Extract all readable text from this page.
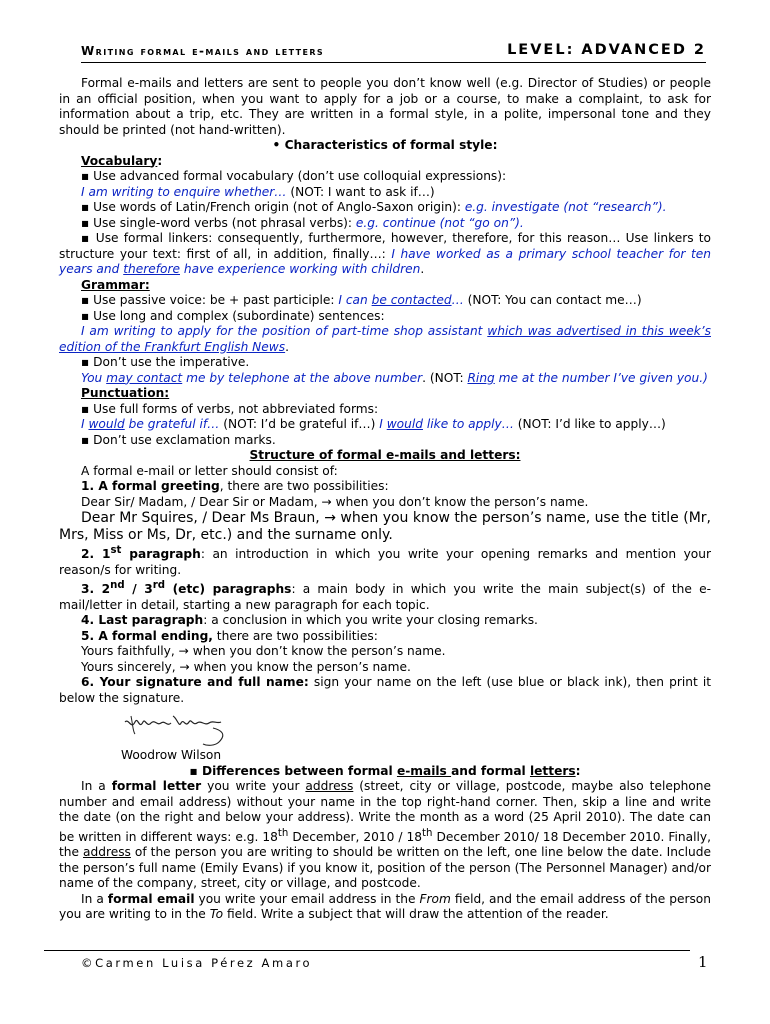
Writing formal e-mails and letters	LEVEL: ADVANCED 2

Formal e-mails and letters are sent to people you don’t know well (e.g. Director of Studies) or people in an official position, when you want to apply for a job or a course, to make a complaint, to ask for information about a trip, etc. They are written in a formal style, in a polite, impersonal tone and they should be printed (not hand-written).

• Characteristics of formal style:

Vocabulary:

▪ Use advanced formal vocabulary (don’t use colloquial expressions):

I am writing to enquire whether… (NOT: I want to ask if…)

▪ Use words of Latin/French origin (not of Anglo-Saxon origin): e.g. investigate (not “research”).

▪ Use single-word verbs (not phrasal verbs): e.g. continue (not “go on”).

▪ Use formal linkers: consequently, furthermore, however, therefore, for this reason… Use linkers to structure your text: first of all, in addition, finally…: I have worked as a primary school teacher for ten years and therefore have experience working with children.

Grammar:

▪ Use passive voice: be + past participle: I can be contacted… (NOT: You can contact me…)

▪ Use long and complex (subordinate) sentences:

I am writing to apply for the position of part-time shop assistant which was advertised in this week’s edition of the Frankfurt English News.

▪ Don’t use the imperative.

You may contact me by telephone at the above number. (NOT: Ring me at the number I’ve given you.)

Punctuation:

▪ Use full forms of verbs, not abbreviated forms:

I would be grateful if… (NOT: I’d be grateful if…) I would like to apply… (NOT: I’d like to apply…)

▪ Don’t use exclamation marks.

Structure of formal e-mails and letters:

A formal e-mail or letter should consist of:

1. A formal greeting, there are two possibilities:

Dear Sir/ Madam, / Dear Sir or Madam, → when you don’t know the person’s name.

Dear Mr Squires, / Dear Ms Braun, → when you know the person’s name, use the title (Mr, Mrs, Miss or Ms, Dr, etc.) and the surname only.

2. 1st paragraph: an introduction in which you write your opening remarks and mention your reason/s for writing.

3. 2nd / 3rd (etc) paragraphs: a main body in which you write the main subject(s) of the e-mail/letter in detail, starting a new paragraph for each topic.

4. Last paragraph: a conclusion in which you write your closing remarks.

5. A formal ending, there are two possibilities:

Yours faithfully, → when you don’t know the person’s name.

Yours sincerely, → when you know the person’s name.

6. Your signature and full name: sign your name on the left (use blue or black ink), then print it below the signature.

Woodrow Wilson

▪ Differences between formal e-mails and formal letters:

In a formal letter you write your address (street, city or village, postcode, maybe also telephone number and email address) without your name in the top right-hand corner. Then, skip a line and write the date (on the right and below your address). Write the month as a word (25 April 2010). The date can be written in different ways: e.g. 18th December, 2010 / 18th December 2010/ 18 December 2010. Finally, the address of the person you are writing to should be written on the left, one line below the date. Include the person’s full name (Emily Evans) if you know it, position of the person (The Personnel Manager) and/or name of the company, street, city or village, and postcode.

In a formal email you write your email address in the From field, and the email address of the person you are writing to in the To field. Write a subject that will draw the attention of the reader.

©Carmen Luisa Pérez Amaro	1
